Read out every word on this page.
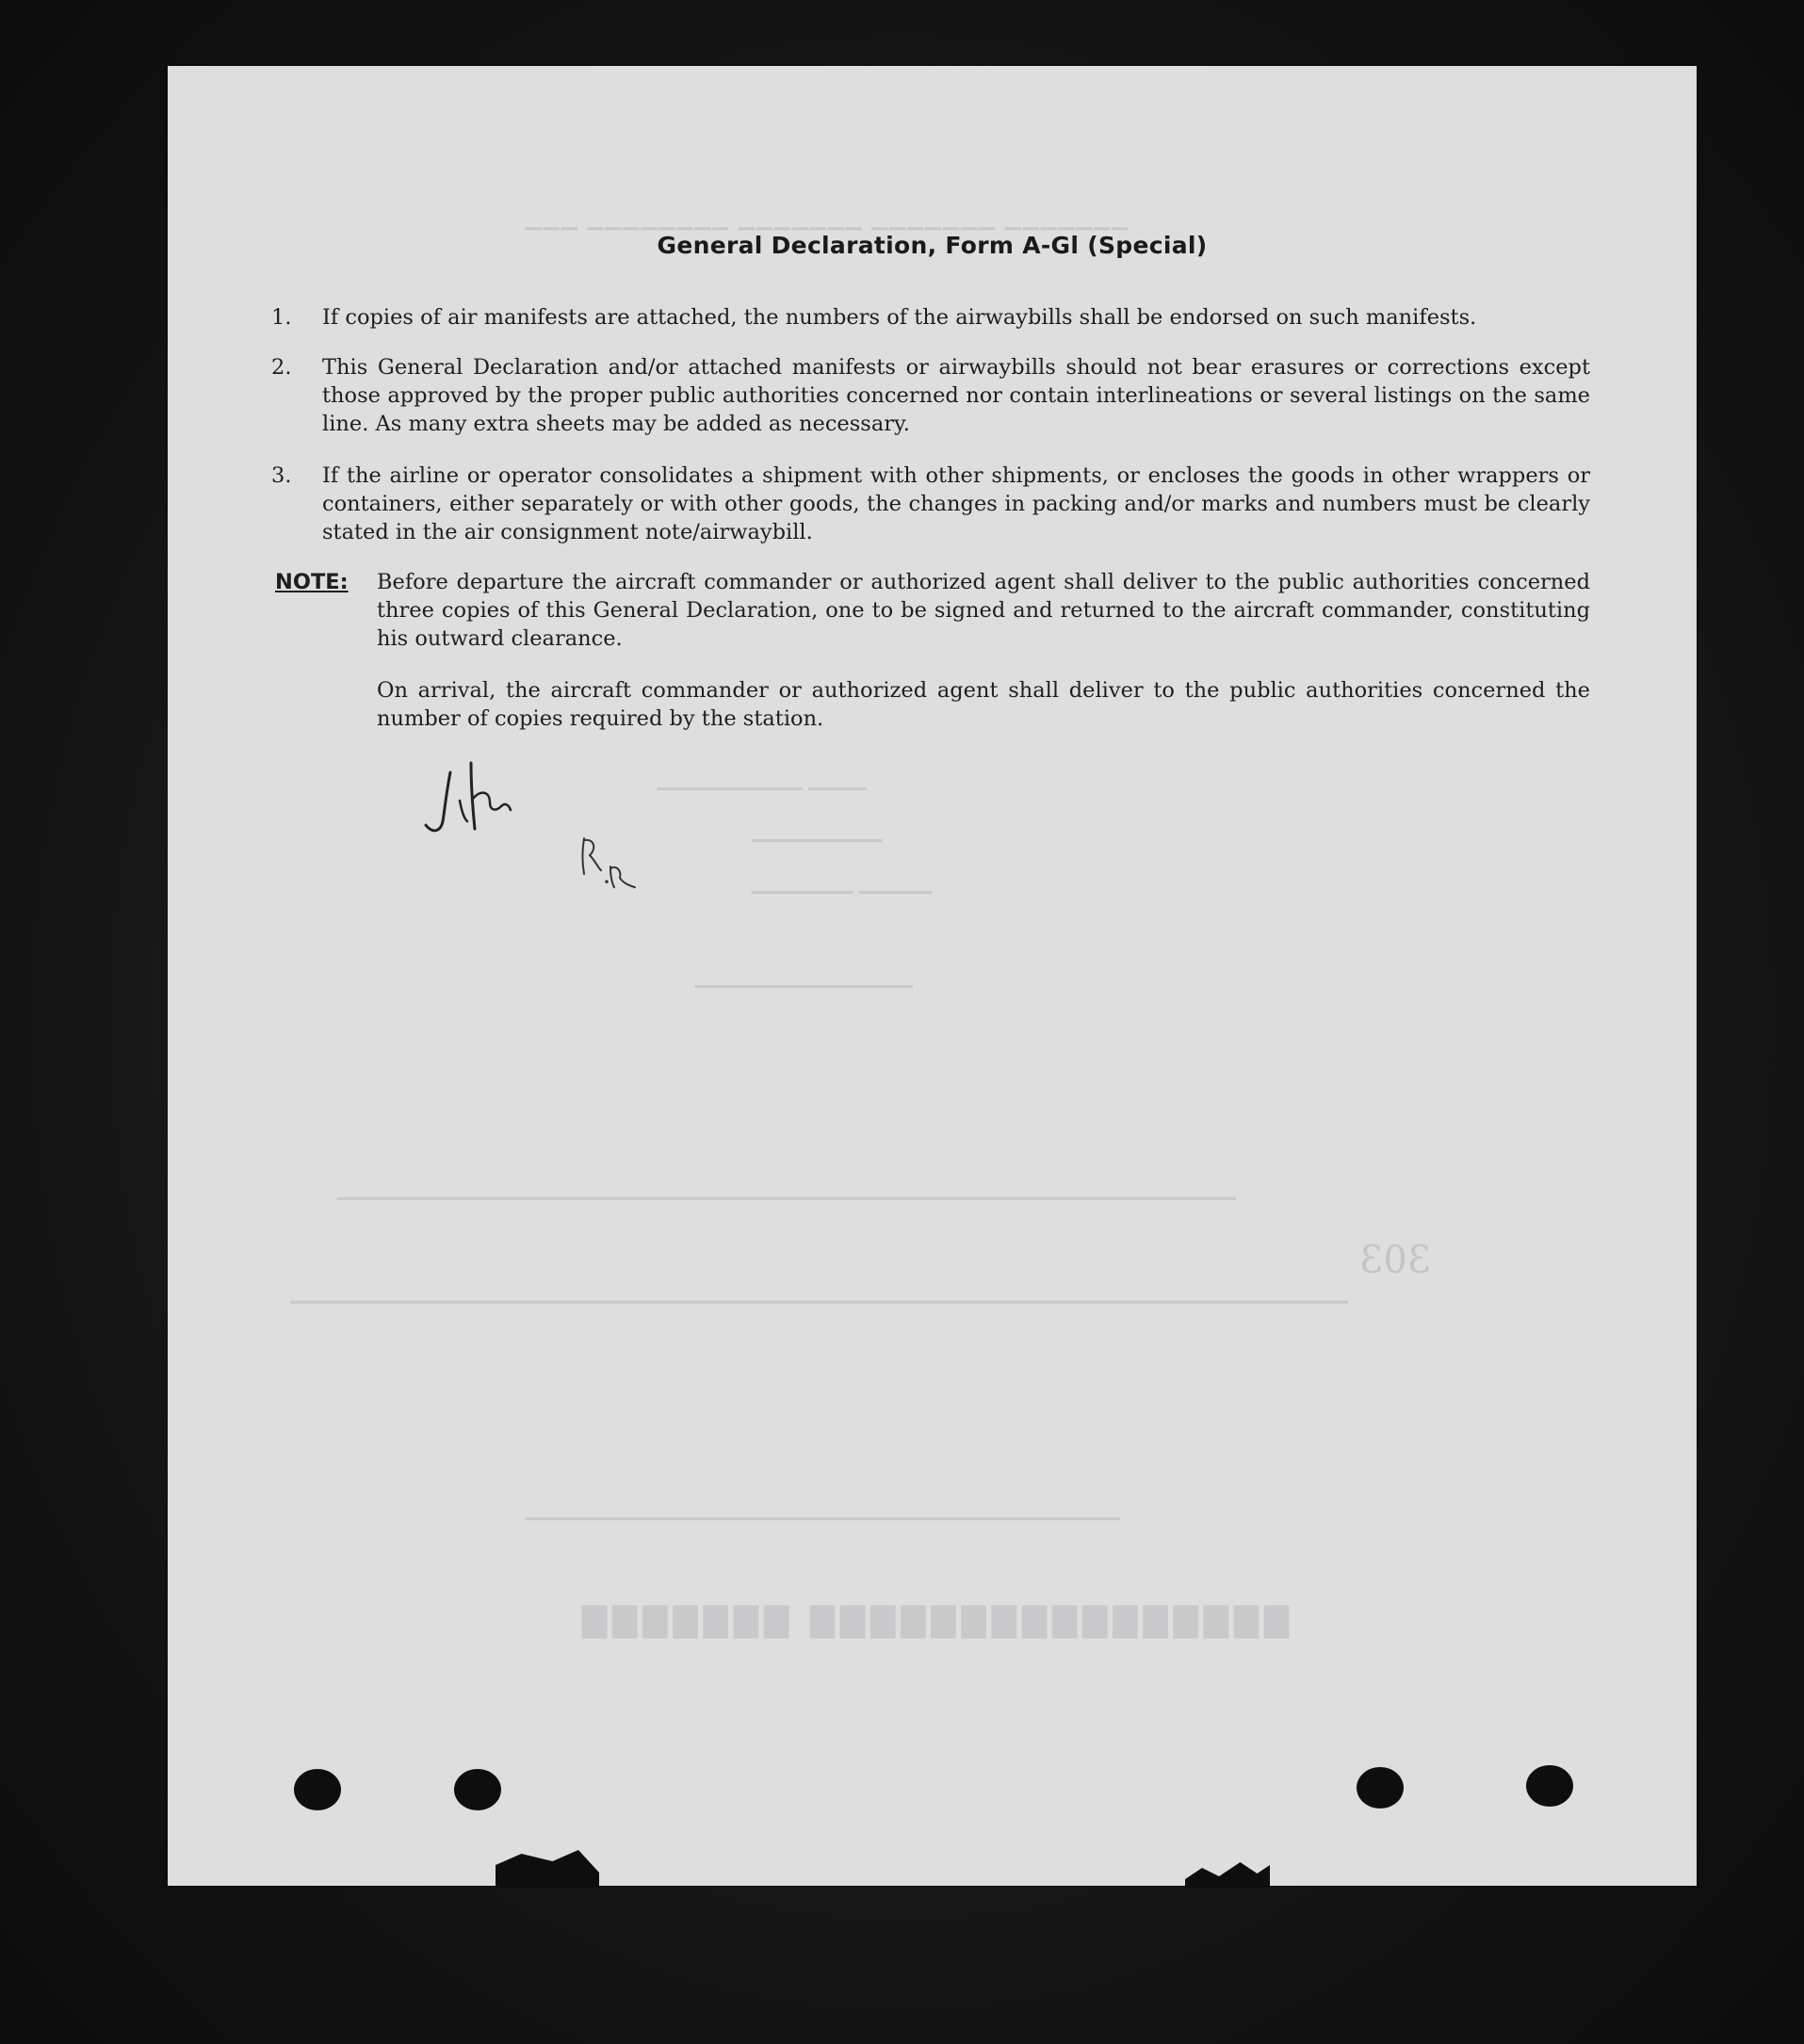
▁▁▁ ▁▁▁▁▁▁▁▁ ▁▁▁▁▁▁▁ ▁▁▁▁▁▁▁ ▁▁▁▁▁▁▁
▁▁▁▁▁▁▁▁▁▁ ▁▁▁▁
▁▁▁▁▁▁▁▁▁
▁▁▁▁▁▁▁ ▁▁▁▁▁
▁▁▁▁▁▁▁▁▁▁▁▁▁▁▁
▁▁▁▁▁▁▁▁▁▁▁▁▁▁▁▁▁▁▁▁▁▁▁▁▁▁▁▁▁▁▁▁▁▁▁▁▁▁▁▁▁▁▁▁▁▁▁▁▁▁▁▁▁▁▁▁▁▁▁▁▁▁
▁▁▁▁▁▁▁▁▁▁▁▁▁▁▁▁▁▁▁▁▁▁▁▁▁▁▁▁▁▁▁▁▁▁▁▁▁▁▁▁▁▁▁▁▁▁▁▁▁▁▁▁▁▁▁▁▁▁▁▁▁▁▁▁▁▁▁▁▁▁▁▁▁
▁▁▁▁▁▁▁▁▁▁▁▁▁▁▁▁▁▁▁▁▁▁▁▁▁▁▁▁▁▁▁▁▁▁▁▁▁▁▁▁▁
▇▇▇▇▇▇▇ ▇▇▇▇▇▇▇▇▇▇▇▇▇▇▇▇
303
General Declaration, Form A-Gl (Special)
1.	If copies of air manifests are attached, the numbers of the airwaybills shall be endorsed on such manifests.
2.	This General Declaration and/or attached manifests or airwaybills should not bear erasures or corrections except those approved by the proper public authorities concerned nor contain interlineations or several listings on the same line. As many extra sheets may be added as necessary.
3.	If the airline or operator consolidates a shipment with other shipments, or encloses the goods in other wrappers or containers, either separately or with other goods, the changes in packing and/or marks and numbers must be clearly stated in the air consignment note/airwaybill.
NOTE: Before departure the aircraft commander or authorized agent shall deliver to the public authorities concerned three copies of this General Declaration, one to be signed and returned to the aircraft commander, constituting his outward clearance.
On arrival, the aircraft commander or authorized agent shall deliver to the public authorities concerned the number of copies required by the station.
